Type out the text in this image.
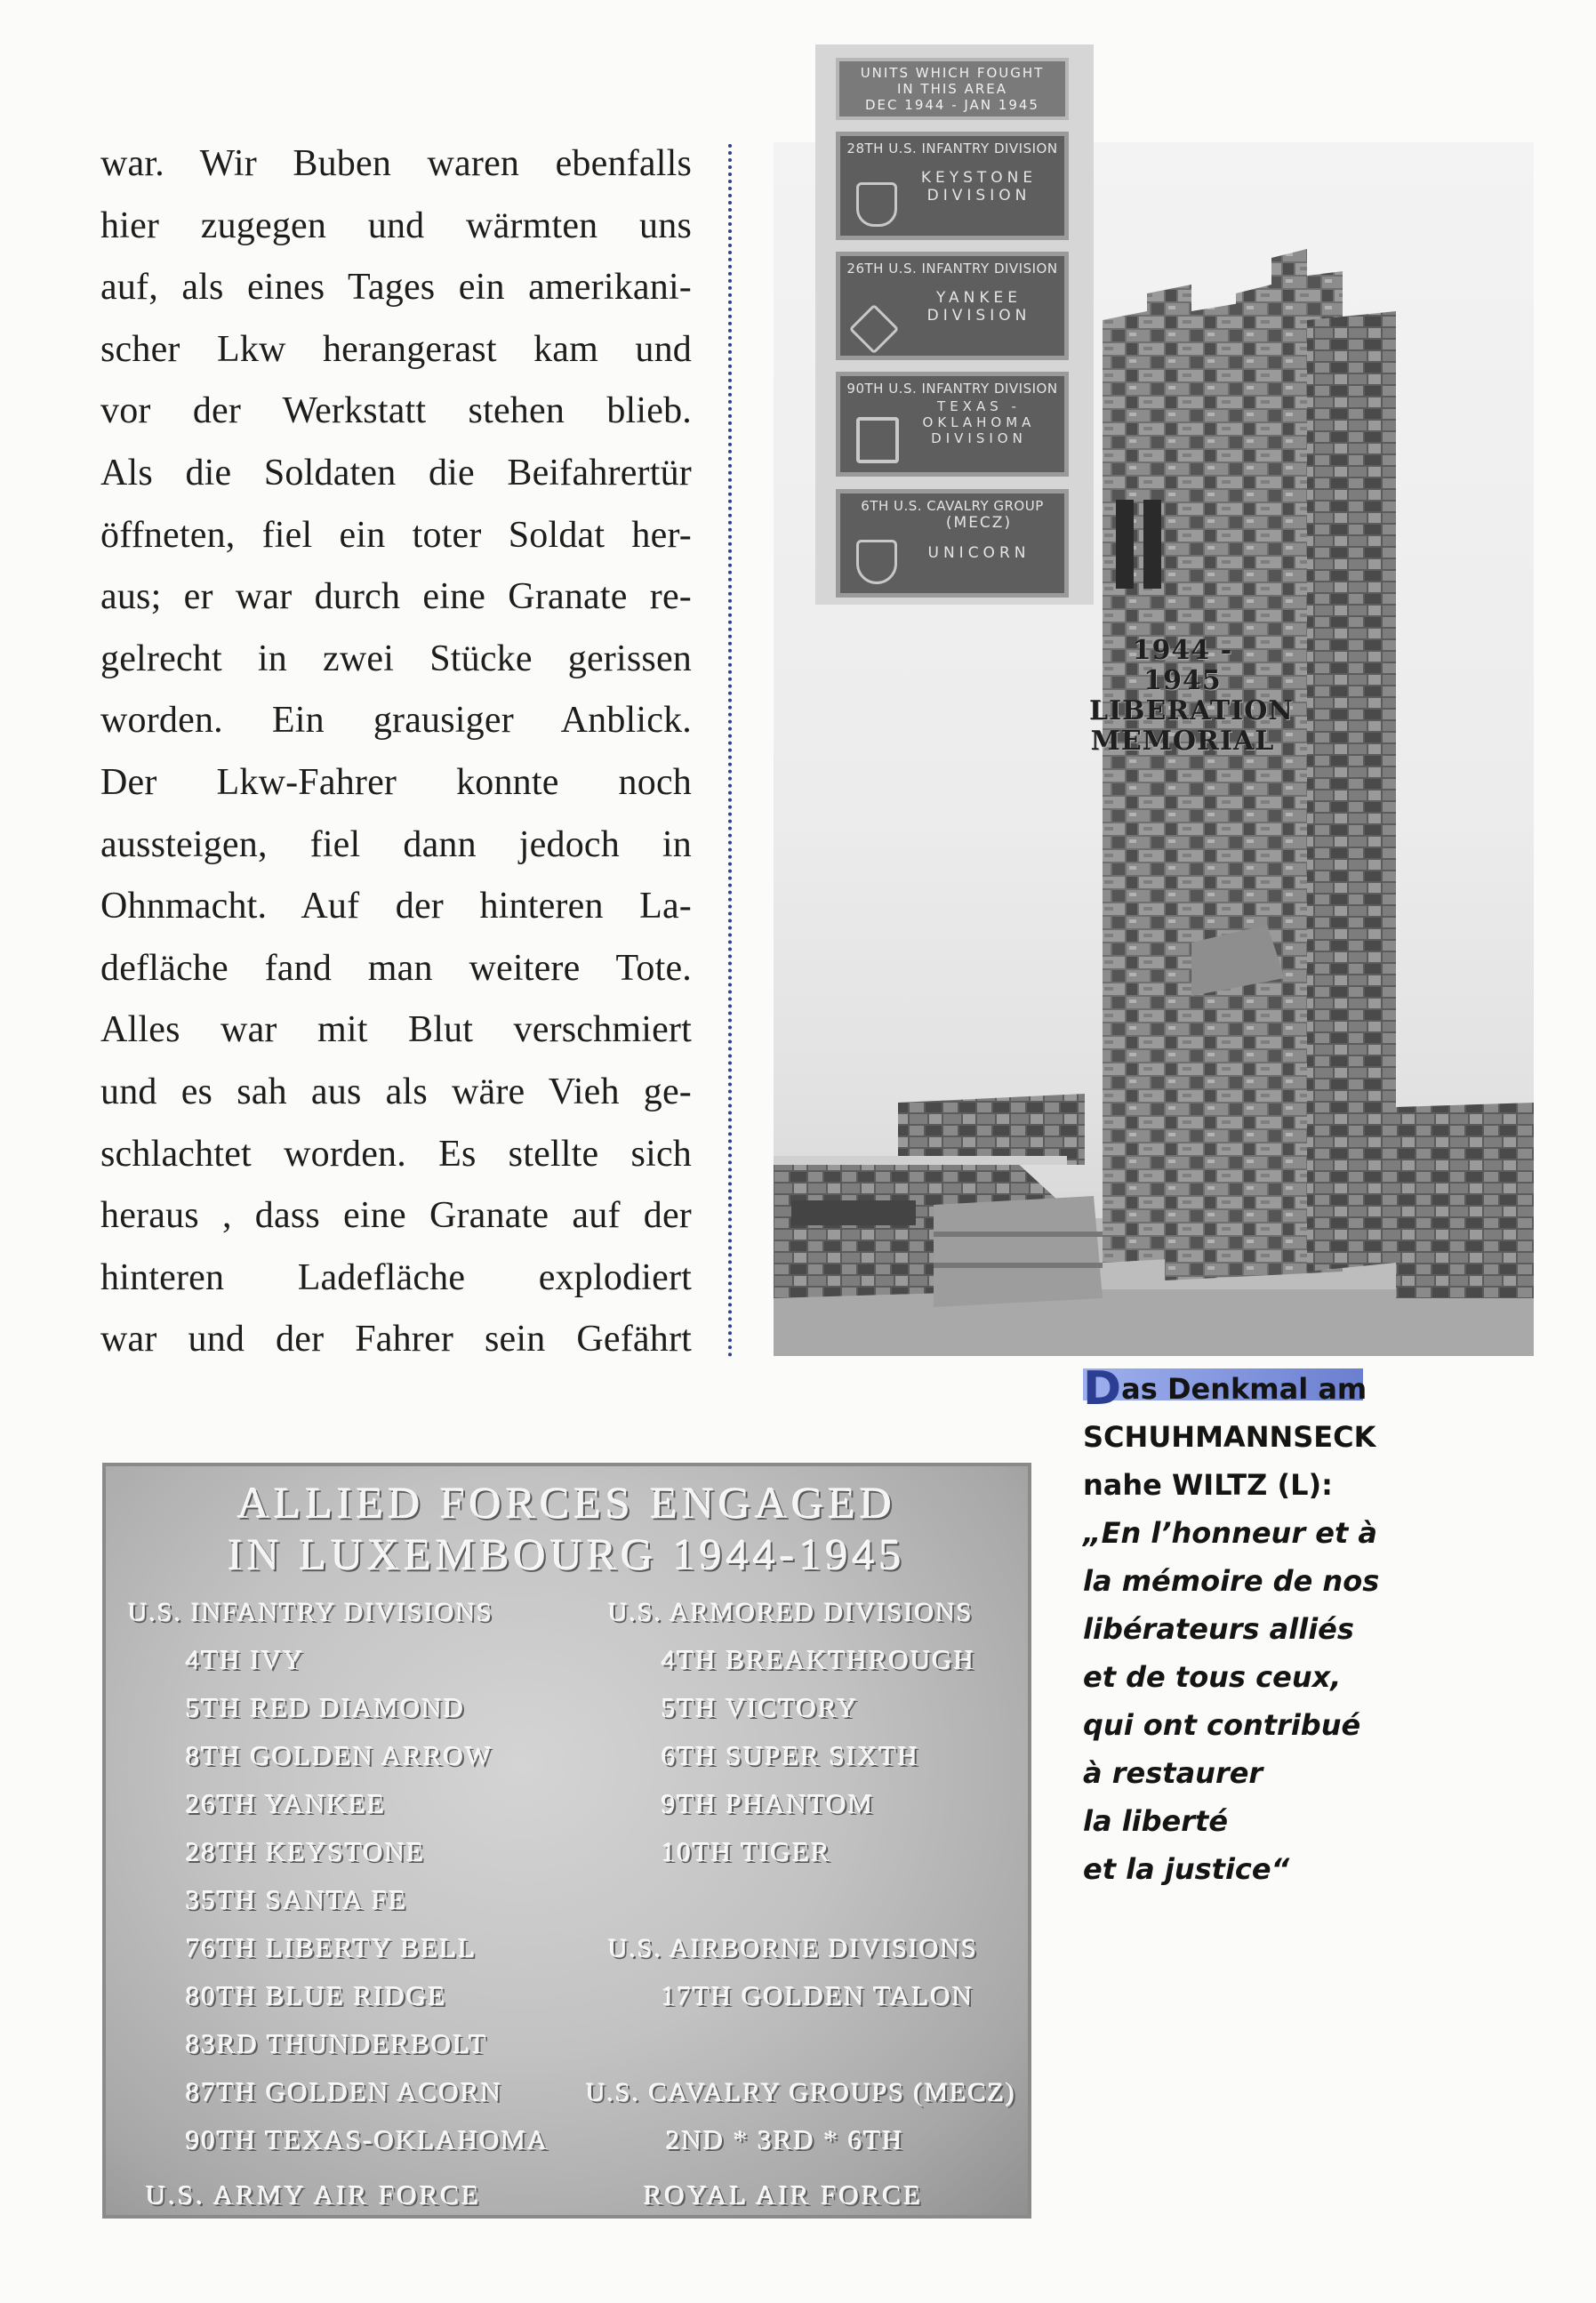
war. Wir Buben waren ebenfalls
hier zugegen und wärmten uns
auf, als eines Tages ein amerikani-
scher Lkw herangerast kam und
vor der Werkstatt stehen blieb.
Als die Soldaten die Beifahrertür
öffneten, fiel ein toter Soldat her-
aus; er war durch eine Granate re-
gelrecht in zwei Stücke gerissen
worden. Ein grausiger Anblick.
Der Lkw-Fahrer konnte noch
aussteigen, fiel dann jedoch in
Ohnmacht. Auf der hinteren La-
defläche fand man weitere Tote.
Alles war mit Blut verschmiert
und es sah aus als wäre Vieh ge-
schlachtet worden. Es stellte sich
heraus , dass eine Granate auf der
hinteren Ladefläche explodiert
war und der Fahrer sein Gefährt
1944 - 1945
LIBERATION
MEMORIAL
UNITS WHICH FOUGHT
IN THIS AREA
DEC 1944 - JAN 1945
28TH U.S. INFANTRY DIVISION
KEYSTONE
DIVISION
26TH U.S. INFANTRY DIVISION
YANKEE
DIVISION
90TH U.S. INFANTRY DIVISION
TEXAS -
OKLAHOMA
DIVISION
6TH U.S. CAVALRY GROUP
(MECZ)
UNICORN
Das Denkmal am
SCHUHMANNSECK
nahe WILTZ (L):
„En l’honneur et à
la mémoire de nos
libérateurs alliés
et de tous ceux,
qui ont contribué
à restaurer
la liberté
et la justice“
ALLIED FORCES ENGAGED
IN LUXEMBOURG 1944-1945
U.S. INFANTRY DIVISIONS	U.S. ARMORED DIVISIONS
4TH IVY
5TH RED DIAMOND
8TH GOLDEN ARROW
26TH YANKEE
28TH KEYSTONE
35TH SANTA FE
76TH LIBERTY BELL
80TH BLUE RIDGE
83RD THUNDERBOLT
87TH GOLDEN ACORN
90TH TEXAS-OKLAHOMA
4TH BREAKTHROUGH
5TH VICTORY
6TH SUPER SIXTH
9TH PHANTOM
10TH TIGER
U.S. AIRBORNE DIVISIONS
17TH GOLDEN TALON
U.S. CAVALRY GROUPS (MECZ)
2ND * 3RD * 6TH
U.S. ARMY AIR FORCE	ROYAL AIR FORCE
